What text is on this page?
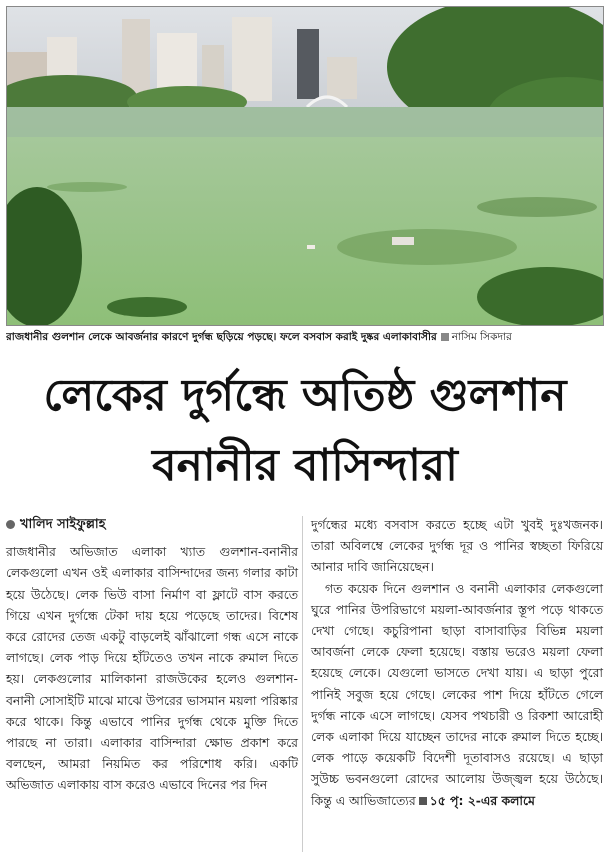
রাজধানীর গুলশান লেকে আবর্জনার কারণে দুর্গন্ধ ছড়িয়ে পড়ছে। ফলে বসবাস করাই দুষ্কর এলাকাবাসীর নাসিম সিকদার
লেকের দুর্গন্ধে অতিষ্ঠ গুলশান
বনানীর বাসিন্দারা
খালিদ সাইফুল্লাহ

রাজধানীর অভিজাত এলাকা খ্যাত গুলশান-বনানীর লেকগুলো এখন ওই এলাকার বাসিন্দাদের জন্য গলার কাটা হয়ে উঠেছে। লেক ভিউ বাসা নির্মাণ বা ফ্লাটে বাস করতে গিয়ে এখন দুর্গন্ধে টেকা দায় হয়ে পড়েছে তাদের। বিশেষ করে রোদের তেজ একটু বাড়লেই ঝাঁঝালো গন্ধ এসে নাকে লাগছে। লেক পাড় দিয়ে হাঁটতেও তখন নাকে রুমাল দিতে হয়। লেকগুলোর মালিকানা রাজউকের হলেও গুলশান-বনানী সোসাইটি মাঝে মাঝে উপরের ভাসমান ময়লা পরিষ্কার করে থাকে। কিন্তু এভাবে পানির দুর্গন্ধ থেকে মুক্তি দিতে পারছে না তারা। এলাকার বাসিন্দারা ক্ষোভ প্রকাশ করে বলছেন, আমরা নিয়মিত কর পরিশোধ করি। একটি অভিজাত এলাকায় বাস করেও এভাবে দিনের পর দিন

দুর্গন্ধের মধ্যে বসবাস করতে হচ্ছে এটা খুবই দুঃখজনক। তারা অবিলম্বে লেকের দুর্গন্ধ দূর ও পানির স্বচ্ছতা ফিরিয়ে আনার দাবি জানিয়েছেন।

গত কয়েক দিনে গুলশান ও বনানী এলাকার লেকগুলো ঘুরে পানির উপরিভাগে ময়লা-আবর্জনার স্তূপ পড়ে থাকতে দেখা গেছে। কচুরিপানা ছাড়া বাসাবাড়ির বিভিন্ন ময়লা আবর্জনা লেকে ফেলা হয়েছে। বস্তায় ভরেও ময়লা ফেলা হয়েছে লেকে। যেগুলো ভাসতে দেখা যায়। এ ছাড়া পুরো পানিই সবুজ হয়ে গেছে। লেকের পাশ দিয়ে হাঁটতে গেলে দুর্গন্ধ নাকে এসে লাগছে। যেসব পথচারী ও রিকশা আরোহী লেক এলাকা দিয়ে যাচ্ছেন তাদের নাকে রুমাল দিতে হচ্ছে। লেক পাড়ে কয়েকটি বিদেশী দূতাবাসও রয়েছে। এ ছাড়া সুউচ্চ ভবনগুলো রোদের আলোয় উজ্জ্বল হয়ে উঠেছে। কিন্তু এ আভিজাত্যের ১৫ পৃ: ২-এর কলামে
